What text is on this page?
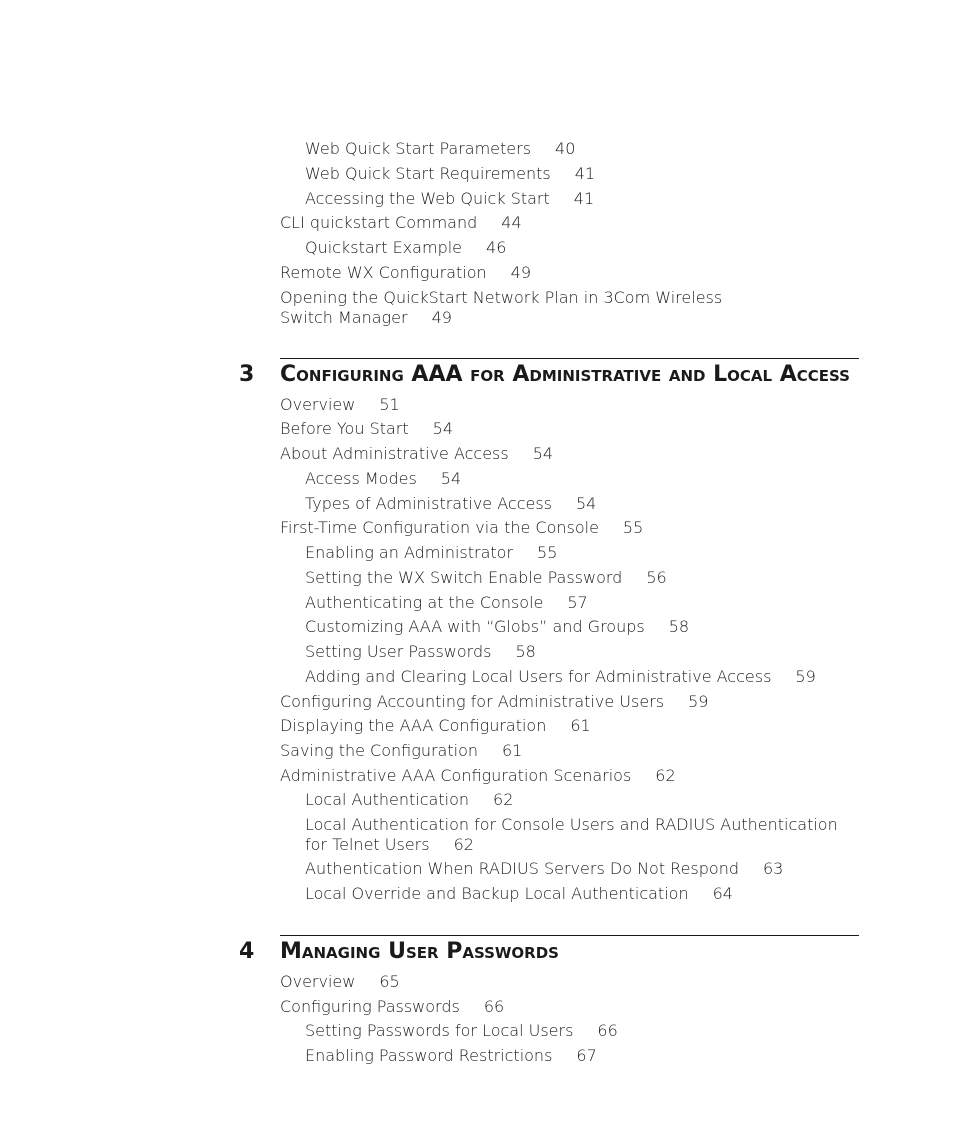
Web Quick Start Parameters 40
Web Quick Start Requirements 41
Accessing the Web Quick Start 41
CLI quickstart Command 44
Quickstart Example 46
Remote WX Configuration 49
Opening the QuickStart Network Plan in 3Com Wireless Switch Manager 49
3 Configuring AAA for Administrative and Local Access
Overview 51
Before You Start 54
About Administrative Access 54
Access Modes 54
Types of Administrative Access 54
First-Time Configuration via the Console 55
Enabling an Administrator 55
Setting the WX Switch Enable Password 56
Authenticating at the Console 57
Customizing AAA with “Globs” and Groups 58
Setting User Passwords 58
Adding and Clearing Local Users for Administrative Access 59
Configuring Accounting for Administrative Users 59
Displaying the AAA Configuration 61
Saving the Configuration 61
Administrative AAA Configuration Scenarios 62
Local Authentication 62
Local Authentication for Console Users and RADIUS Authentication for Telnet Users 62
Authentication When RADIUS Servers Do Not Respond 63
Local Override and Backup Local Authentication 64
4 Managing User Passwords
Overview 65
Configuring Passwords 66
Setting Passwords for Local Users 66
Enabling Password Restrictions 67
